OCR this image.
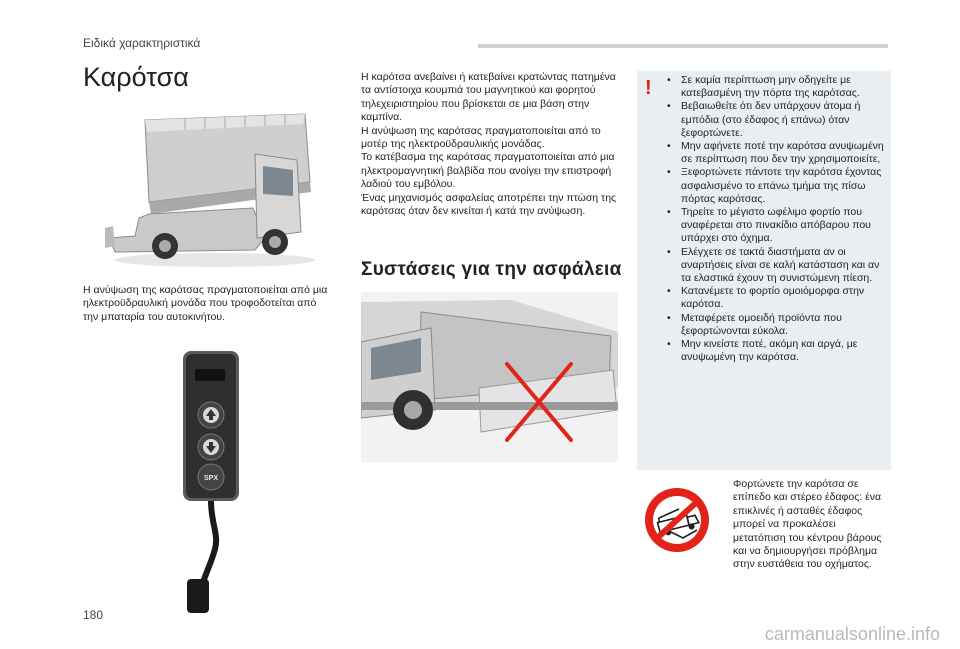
Ειδικά χαρακτηριστικά
Καρότσα
Η ανύψωση της καρότσας πραγματοποιείται από μια ηλεκτροϋδραυλική μονάδα που τροφοδοτείται από την μπαταρία του αυτοκινήτου.
SPX

Η καρότσα ανεβαίνει ή κατεβαίνει κρατώντας πατημένα τα αντίστοιχα κουμπιά του μαγνητικού και φορητού τηλεχειριστηρίου που βρίσκεται σε μια βάση στην καμπίνα.

Η ανύψωση της καρότσας πραγματοποιείται από το μοτέρ της ηλεκτροϋδραυλικής μονάδας.

Το κατέβασμα της καρότσας πραγματοποιείται από μια ηλεκτρομαγνητική βαλβίδα που ανοίγει την επιστροφή λαδιού του εμβόλου.

Ένας μηχανισμός ασφαλείας αποτρέπει την πτώση της καρότσας όταν δεν κινείται ή κατά την ανύψωση.

Συστάσεις για την ασφάλεια
!
•	Σε καμία περίπτωση μην οδηγείτε με κατεβασμένη την πόρτα της καρότσας.
• Βεβαιωθείτε ότι δεν υπάρχουν άτομα ή εμπόδια (στο έδαφος ή επάνω) όταν ξεφορτώνετε.
• Μην αφήνετε ποτέ την καρότσα ανυψωμένη σε περίπτωση που δεν την χρησιμοποιείτε,
• Ξεφορτώνετε πάντοτε την καρότσα έχοντας ασφαλισμένο το επάνω τμήμα της πίσω πόρτας καρότσας.
• Τηρείτε το μέγιστο ωφέλιμο φορτίο που αναφέρεται στο πινακίδιο απόβαρου που υπάρχει στο όχημα.
• Ελέγχετε σε τακτά διαστήματα αν οι αναρτήσεις είναι σε καλή κατάσταση και αν τα ελαστικά έχουν τη συνιστώμενη πίεση.
• Κατανέμετε το φορτίο ομοιόμορφα στην καρότσα.
• Μεταφέρετε ομοειδή προϊόντα που ξεφορτώνονται εύκολα.
• Μην κινείστε ποτέ, ακόμη και αργά, με ανυψωμένη την καρότσα.
Φορτώνετε την καρότσα σε επίπεδο και στέρεο έδαφος: ένα επικλινές ή ασταθές έδαφος μπορεί να προκαλέσει μετατόπιση του κέντρου βάρους και να δημιουργήσει πρόβλημα στην ευστάθεια του οχήματος.
180
carmanualsonline.info
